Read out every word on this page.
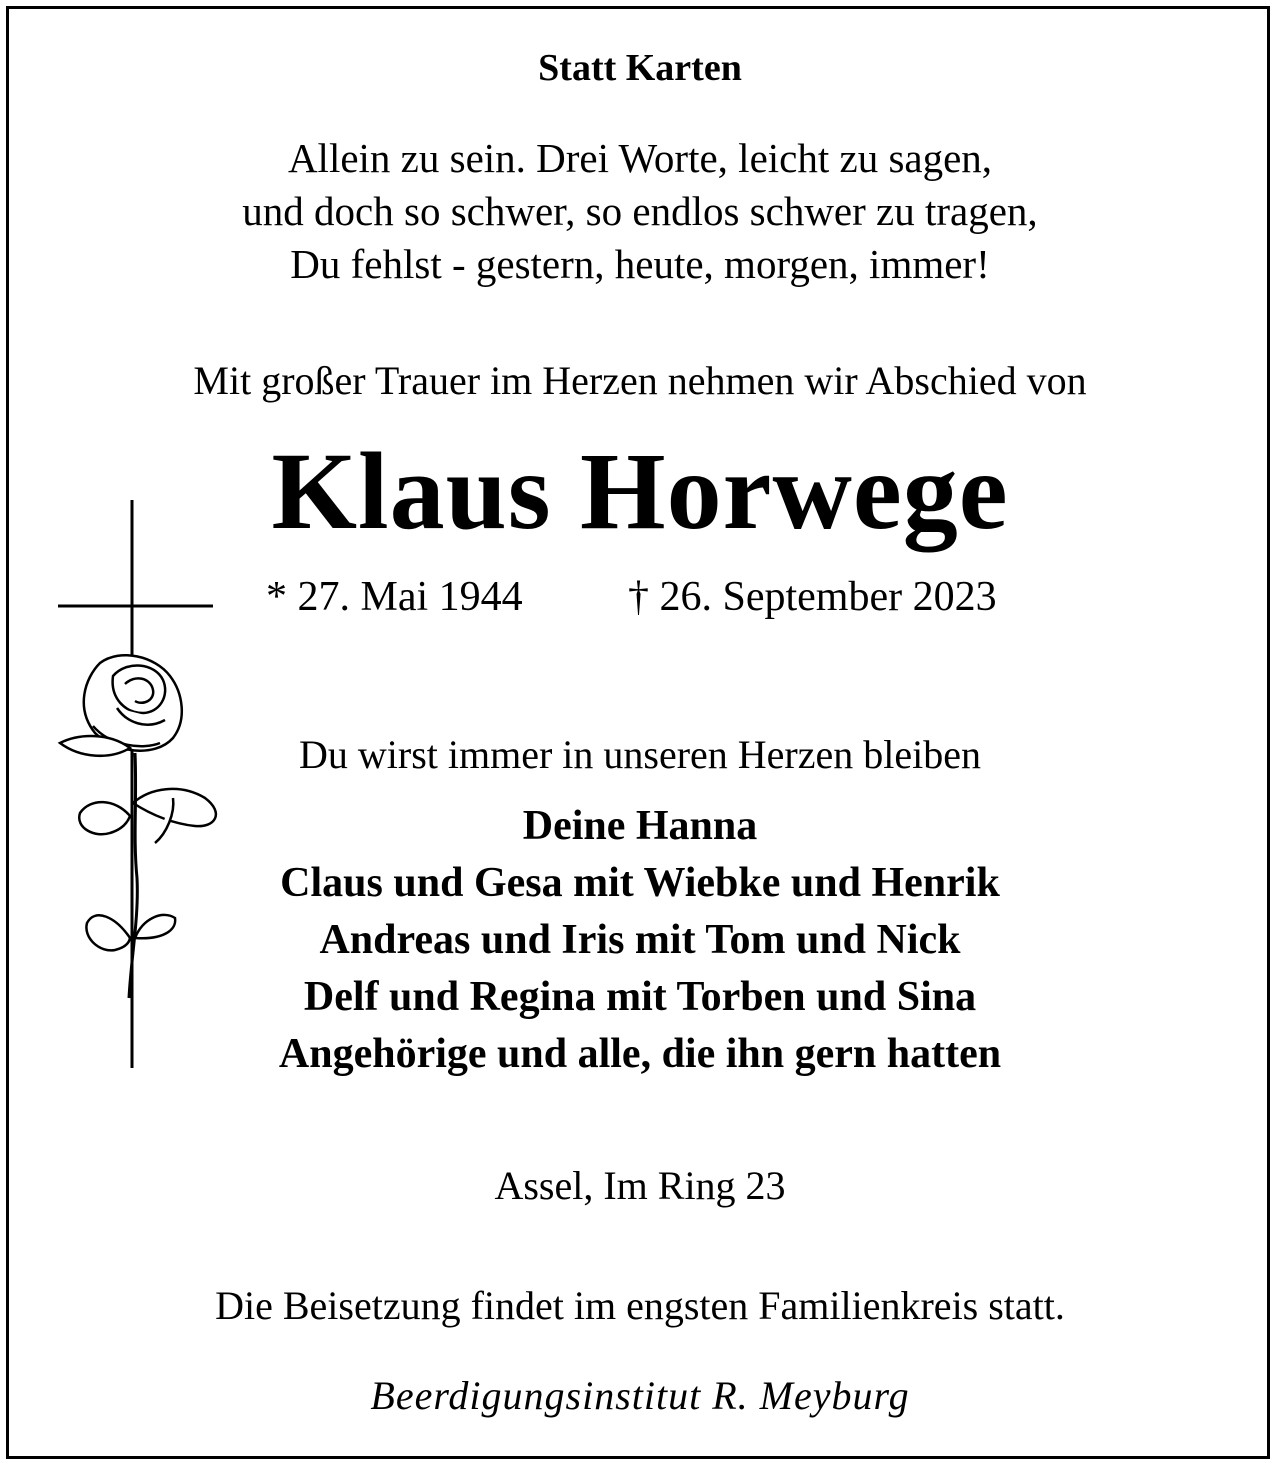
Statt Karten
Allein zu sein. Drei Worte, leicht zu sagen,
und doch so schwer, so endlos schwer zu tragen,
Du fehlst - gestern, heute, morgen, immer!
Mit großer Trauer im Herzen nehmen wir Abschied von
Klaus Horwege
* 27. Mai 1944	† 26. September 2023
Du wirst immer in unseren Herzen bleiben
Deine Hanna
Claus und Gesa mit Wiebke und Henrik
Andreas und Iris mit Tom und Nick
Delf und Regina mit Torben und Sina
Angehörige und alle, die ihn gern hatten
Assel, Im Ring 23
Die Beisetzung findet im engsten Familienkreis statt.
Beerdigungsinstitut R. Meyburg
